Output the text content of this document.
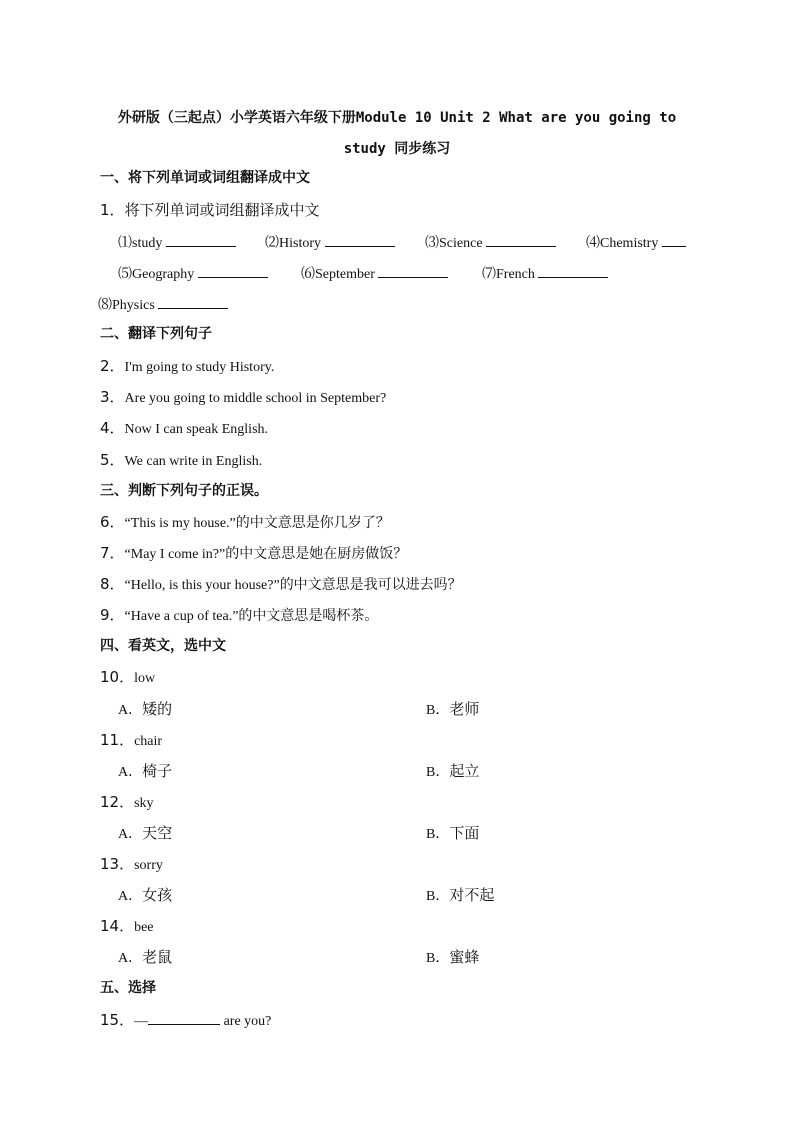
外研版（三起点）小学英语六年级下册Module 10 Unit 2 What are you going to
study 同步练习
一、将下列单词或词组翻译成中文
1．将下列单词或词组翻译成中文
⑴study	⑵History	⑶Science	⑷Chemistry
⑸Geography	⑹September	⑺French
⑻Physics
二、翻译下列句子
2．I'm going to study History.
3．Are you going to middle school in September?
4．Now I can speak English.
5．We can write in English.
三、判断下列句子的正误。
6．“This is my house.”的中文意思是你几岁了？
7．“May I come in?”的中文意思是她在厨房做饭？
8．“Hello, is this your house?”的中文意思是我可以进去吗？
9．“Have a cup of tea.”的中文意思是喝杯茶。
四、看英文，选中文
10．low
A．矮的	B．老师
11．chair
A．椅子	B．起立
12．sky
A．天空	B．下面
13．sorry
A．女孩	B．对不起
14．bee
A．老鼠	B．蜜蜂
五、选择
15．—	are you?
